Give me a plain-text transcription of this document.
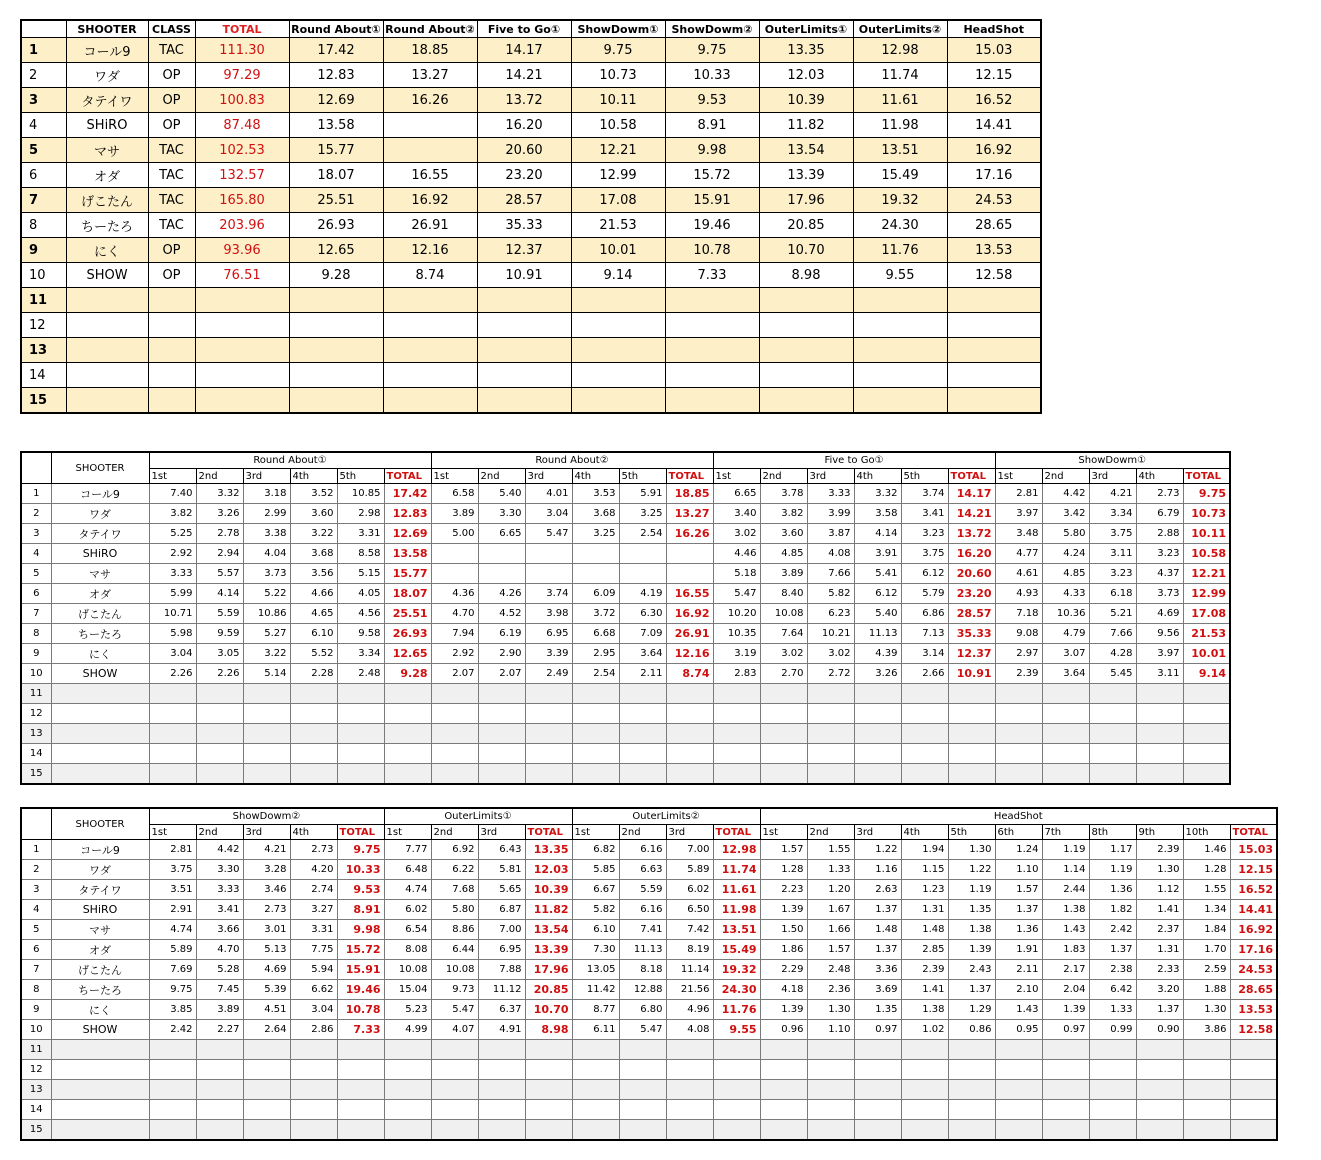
	SHOOTER	CLASS	TOTAL	Round About①	Round About②	Five to Go①	ShowDowm①	ShowDowm②	OuterLimits①	OuterLimits②	HeadShot
1	コール9	TAC	111.30	17.42	18.85	14.17	9.75	9.75	13.35	12.98	15.03
2	ワダ	OP	97.29	12.83	13.27	14.21	10.73	10.33	12.03	11.74	12.15
3	タテイワ	OP	100.83	12.69	16.26	13.72	10.11	9.53	10.39	11.61	16.52
4	SHiRO	OP	87.48	13.58		16.20	10.58	8.91	11.82	11.98	14.41
5	マサ	TAC	102.53	15.77		20.60	12.21	9.98	13.54	13.51	16.92
6	オダ	TAC	132.57	18.07	16.55	23.20	12.99	15.72	13.39	15.49	17.16
7	げこたん	TAC	165.80	25.51	16.92	28.57	17.08	15.91	17.96	19.32	24.53
8	ちーたろ	TAC	203.96	26.93	26.91	35.33	21.53	19.46	20.85	24.30	28.65
9	にく	OP	93.96	12.65	12.16	12.37	10.01	10.78	10.70	11.76	13.53
10	SHOW	OP	76.51	9.28	8.74	10.91	9.14	7.33	8.98	9.55	12.58
11											
12											
13											
14											
15											
	SHOOTER	Round About①						Round About②						Five to Go①						ShowDowm①				
		1st	2nd	3rd	4th	5th	TOTAL	1st	2nd	3rd	4th	5th	TOTAL	1st	2nd	3rd	4th	5th	TOTAL	1st	2nd	3rd	4th	TOTAL
1	コール9	7.40	3.32	3.18	3.52	10.85	17.42	6.58	5.40	4.01	3.53	5.91	18.85	6.65	3.78	3.33	3.32	3.74	14.17	2.81	4.42	4.21	2.73	9.75
2	ワダ	3.82	3.26	2.99	3.60	2.98	12.83	3.89	3.30	3.04	3.68	3.25	13.27	3.40	3.82	3.99	3.58	3.41	14.21	3.97	3.42	3.34	6.79	10.73
3	タテイワ	5.25	2.78	3.38	3.22	3.31	12.69	5.00	6.65	5.47	3.25	2.54	16.26	3.02	3.60	3.87	4.14	3.23	13.72	3.48	5.80	3.75	2.88	10.11
4	SHiRO	2.92	2.94	4.04	3.68	8.58	13.58							4.46	4.85	4.08	3.91	3.75	16.20	4.77	4.24	3.11	3.23	10.58
5	マサ	3.33	5.57	3.73	3.56	5.15	15.77							5.18	3.89	7.66	5.41	6.12	20.60	4.61	4.85	3.23	4.37	12.21
6	オダ	5.99	4.14	5.22	4.66	4.05	18.07	4.36	4.26	3.74	6.09	4.19	16.55	5.47	8.40	5.82	6.12	5.79	23.20	4.93	4.33	6.18	3.73	12.99
7	げこたん	10.71	5.59	10.86	4.65	4.56	25.51	4.70	4.52	3.98	3.72	6.30	16.92	10.20	10.08	6.23	5.40	6.86	28.57	7.18	10.36	5.21	4.69	17.08
8	ちーたろ	5.98	9.59	5.27	6.10	9.58	26.93	7.94	6.19	6.95	6.68	7.09	26.91	10.35	7.64	10.21	11.13	7.13	35.33	9.08	4.79	7.66	9.56	21.53
9	にく	3.04	3.05	3.22	5.52	3.34	12.65	2.92	2.90	3.39	2.95	3.64	12.16	3.19	3.02	3.02	4.39	3.14	12.37	2.97	3.07	4.28	3.97	10.01
10	SHOW	2.26	2.26	5.14	2.28	2.48	9.28	2.07	2.07	2.49	2.54	2.11	8.74	2.83	2.70	2.72	3.26	2.66	10.91	2.39	3.64	5.45	3.11	9.14
11																								
12																								
13																								
14																								
15																								
	SHOOTER	ShowDowm②					OuterLimits①				OuterLimits②				HeadShot										
		1st	2nd	3rd	4th	TOTAL	1st	2nd	3rd	TOTAL	1st	2nd	3rd	TOTAL	1st	2nd	3rd	4th	5th	6th	7th	8th	9th	10th	TOTAL
1	コール9	2.81	4.42	4.21	2.73	9.75	7.77	6.92	6.43	13.35	6.82	6.16	7.00	12.98	1.57	1.55	1.22	1.94	1.30	1.24	1.19	1.17	2.39	1.46	15.03
2	ワダ	3.75	3.30	3.28	4.20	10.33	6.48	6.22	5.81	12.03	5.85	6.63	5.89	11.74	1.28	1.33	1.16	1.15	1.22	1.10	1.14	1.19	1.30	1.28	12.15
3	タテイワ	3.51	3.33	3.46	2.74	9.53	4.74	7.68	5.65	10.39	6.67	5.59	6.02	11.61	2.23	1.20	2.63	1.23	1.19	1.57	2.44	1.36	1.12	1.55	16.52
4	SHiRO	2.91	3.41	2.73	3.27	8.91	6.02	5.80	6.87	11.82	5.82	6.16	6.50	11.98	1.39	1.67	1.37	1.31	1.35	1.37	1.38	1.82	1.41	1.34	14.41
5	マサ	4.74	3.66	3.01	3.31	9.98	6.54	8.86	7.00	13.54	6.10	7.41	7.42	13.51	1.50	1.66	1.48	1.48	1.38	1.36	1.43	2.42	2.37	1.84	16.92
6	オダ	5.89	4.70	5.13	7.75	15.72	8.08	6.44	6.95	13.39	7.30	11.13	8.19	15.49	1.86	1.57	1.37	2.85	1.39	1.91	1.83	1.37	1.31	1.70	17.16
7	げこたん	7.69	5.28	4.69	5.94	15.91	10.08	10.08	7.88	17.96	13.05	8.18	11.14	19.32	2.29	2.48	3.36	2.39	2.43	2.11	2.17	2.38	2.33	2.59	24.53
8	ちーたろ	9.75	7.45	5.39	6.62	19.46	15.04	9.73	11.12	20.85	11.42	12.88	21.56	24.30	4.18	2.36	3.69	1.41	1.37	2.10	2.04	6.42	3.20	1.88	28.65
9	にく	3.85	3.89	4.51	3.04	10.78	5.23	5.47	6.37	10.70	8.77	6.80	4.96	11.76	1.39	1.30	1.35	1.38	1.29	1.43	1.39	1.33	1.37	1.30	13.53
10	SHOW	2.42	2.27	2.64	2.86	7.33	4.99	4.07	4.91	8.98	6.11	5.47	4.08	9.55	0.96	1.10	0.97	1.02	0.86	0.95	0.97	0.99	0.90	3.86	12.58
11																									
12																									
13																									
14																									
15																									
